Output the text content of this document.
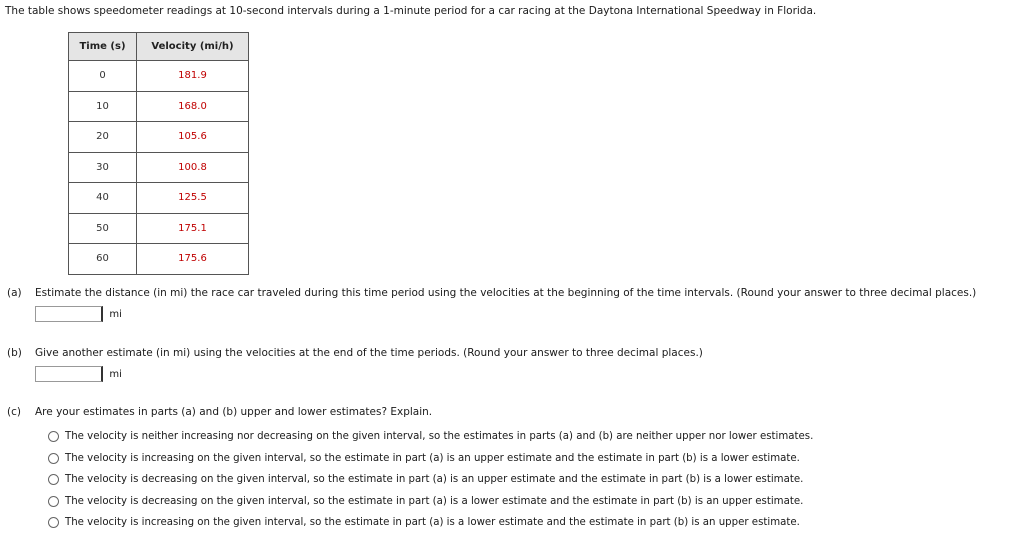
The table shows speedometer readings at 10-second intervals during a 1-minute period for a car racing at the Daytona International Speedway in Florida.
Time (s)	Velocity (mi/h)
0	181.9
10	168.0
20	105.6
30	100.8
40	125.5
50	175.1
60	175.6
(a) Estimate the distance (in mi) the race car traveled during this time period using the velocities at the beginning of the time intervals. (Round your answer to three decimal places.)
mi
(b) Give another estimate (in mi) using the velocities at the end of the time periods. (Round your answer to three decimal places.)
mi
(c) Are your estimates in parts (a) and (b) upper and lower estimates? Explain.
The velocity is neither increasing nor decreasing on the given interval, so the estimates in parts (a) and (b) are neither upper nor lower estimates.
The velocity is increasing on the given interval, so the estimate in part (a) is an upper estimate and the estimate in part (b) is a lower estimate.
The velocity is decreasing on the given interval, so the estimate in part (a) is an upper estimate and the estimate in part (b) is a lower estimate.
The velocity is decreasing on the given interval, so the estimate in part (a) is a lower estimate and the estimate in part (b) is an upper estimate.
The velocity is increasing on the given interval, so the estimate in part (a) is a lower estimate and the estimate in part (b) is an upper estimate.
